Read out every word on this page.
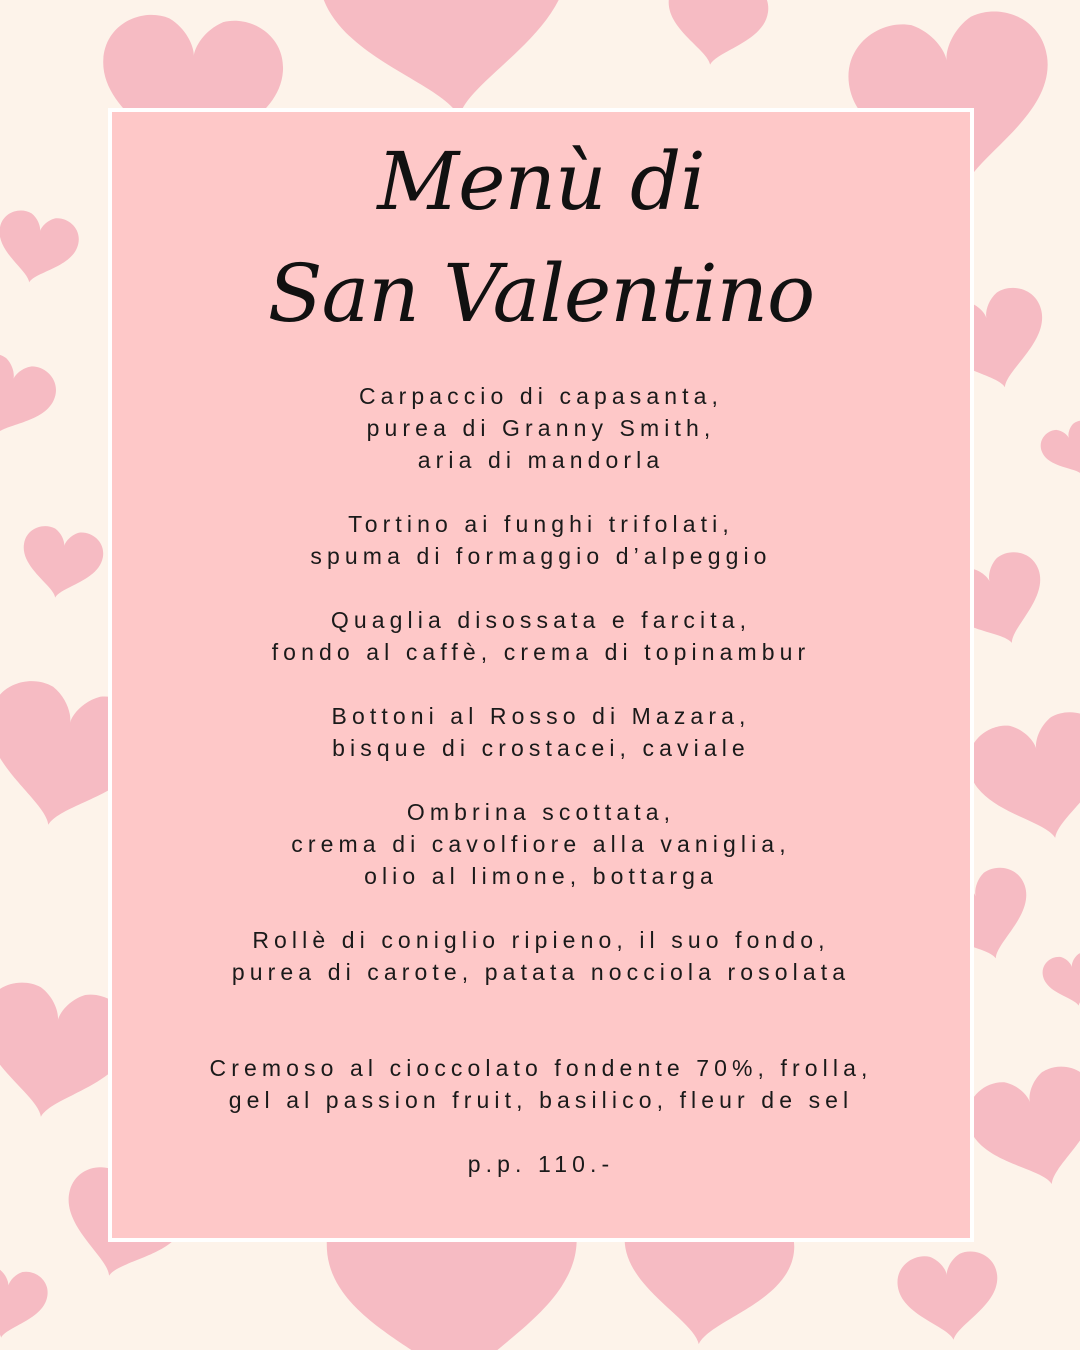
Menù di
San Valentino
Carpaccio di capasanta,
purea di Granny Smith,
aria di mandorla
Tortino ai funghi trifolati,
spuma di formaggio d’alpeggio
Quaglia disossata e farcita,
fondo al caffè, crema di topinambur
Bottoni al Rosso di Mazara,
bisque di crostacei, caviale
Ombrina scottata,
crema di cavolfiore alla vaniglia,
olio al limone, bottarga
Rollè di coniglio ripieno, il suo fondo,
purea di carote, patata nocciola rosolata
Cremoso al cioccolato fondente 70%, frolla,
gel al passion fruit, basilico, fleur de sel
p.p. 110.-
